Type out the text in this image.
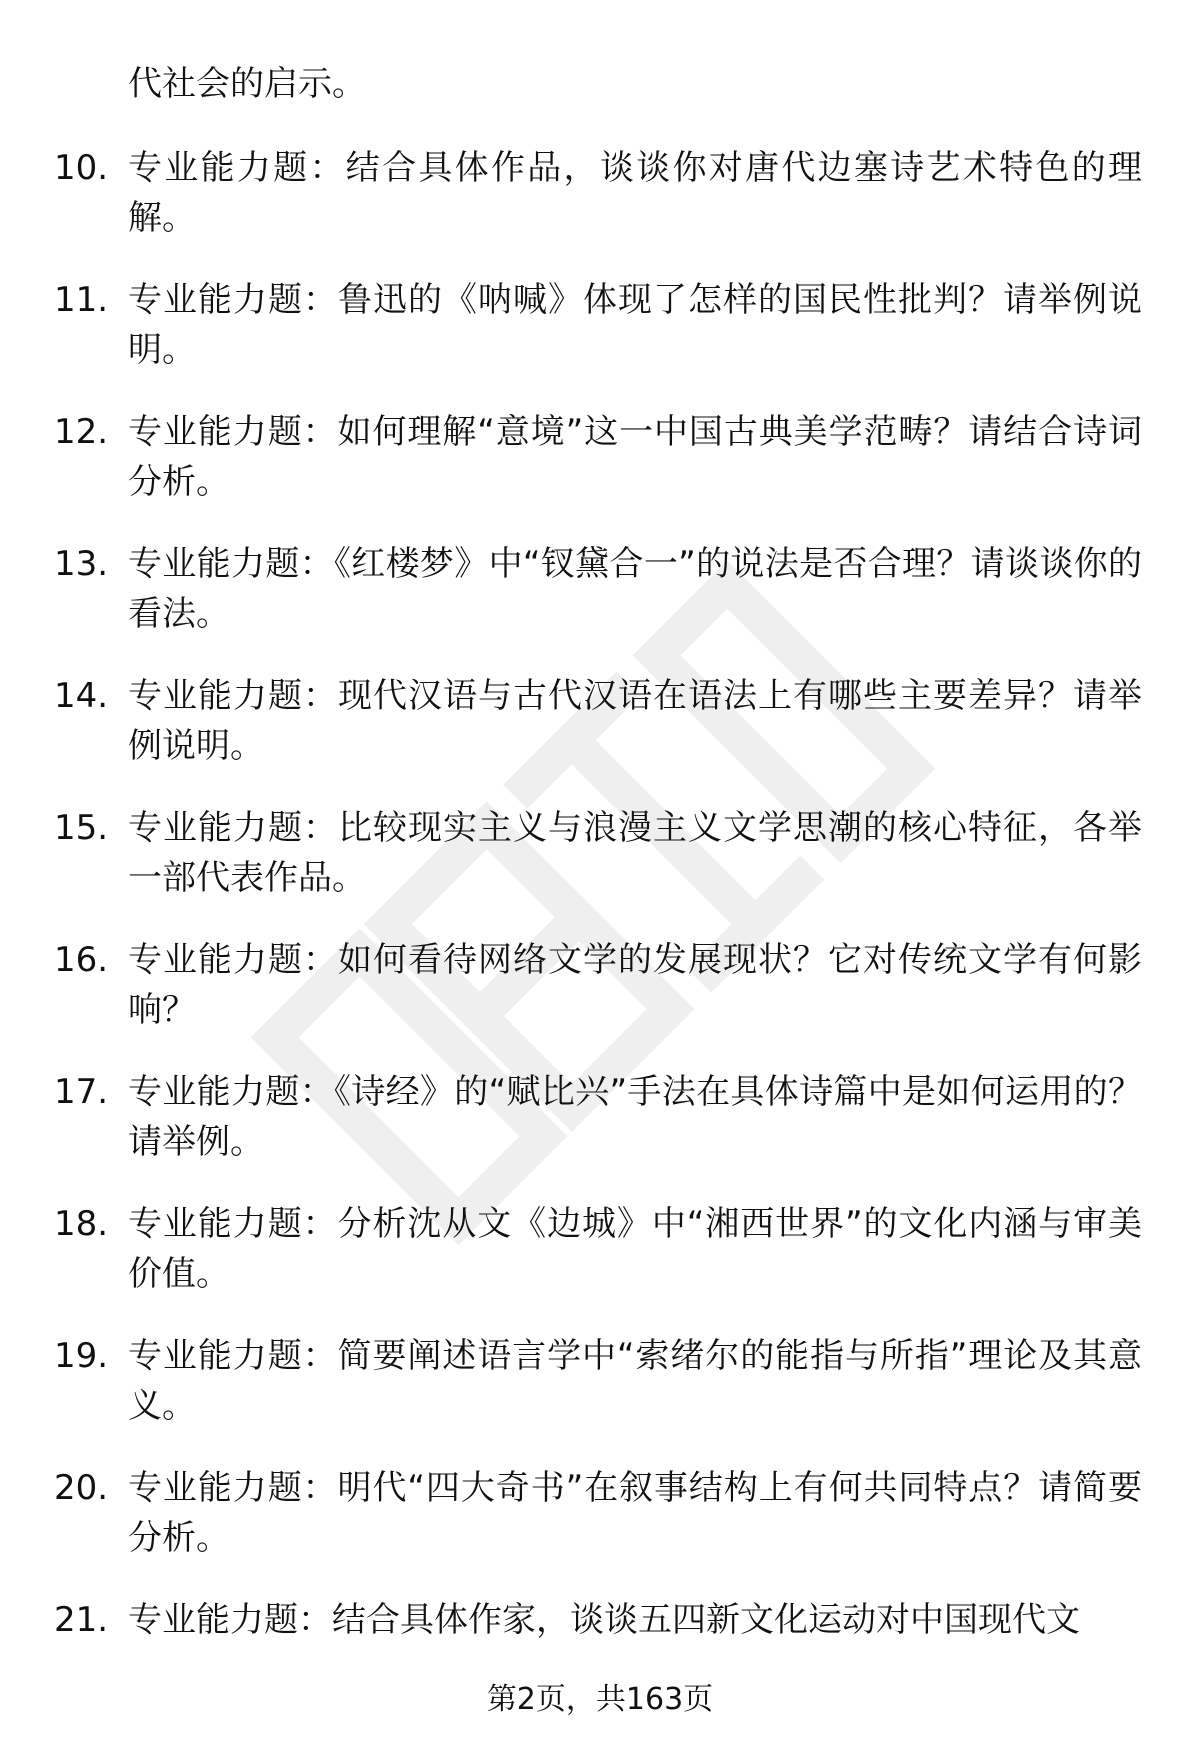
代社会的启示。

10. 专业能力题：结合具体作品，谈谈你对唐代边塞诗艺术特色的理解。

11. 专业能力题：鲁迅的《呐喊》体现了怎样的国民性批判？请举例说明。

12. 专业能力题：如何理解“意境”这一中国古典美学范畴？请结合诗词分析。

13. 专业能力题：《红楼梦》中“钗黛合一”的说法是否合理？请谈谈你的看法。

14. 专业能力题：现代汉语与古代汉语在语法上有哪些主要差异？请举例说明。

15. 专业能力题：比较现实主义与浪漫主义文学思潮的核心特征，各举一部代表作品。

16. 专业能力题：如何看待网络文学的发展现状？它对传统文学有何影响？

17. 专业能力题：《诗经》的“赋比兴”手法在具体诗篇中是如何运用的？请举例。

18. 专业能力题：分析沈从文《边城》中“湘西世界”的文化内涵与审美价值。

19. 专业能力题：简要阐述语言学中“索绪尔的能指与所指”理论及其意义。

20. 专业能力题：明代“四大奇书”在叙事结构上有何共同特点？请简要分析。

21. 专业能力题：结合具体作家，谈谈五四新文化运动对中国现代文

第2页，共163页
